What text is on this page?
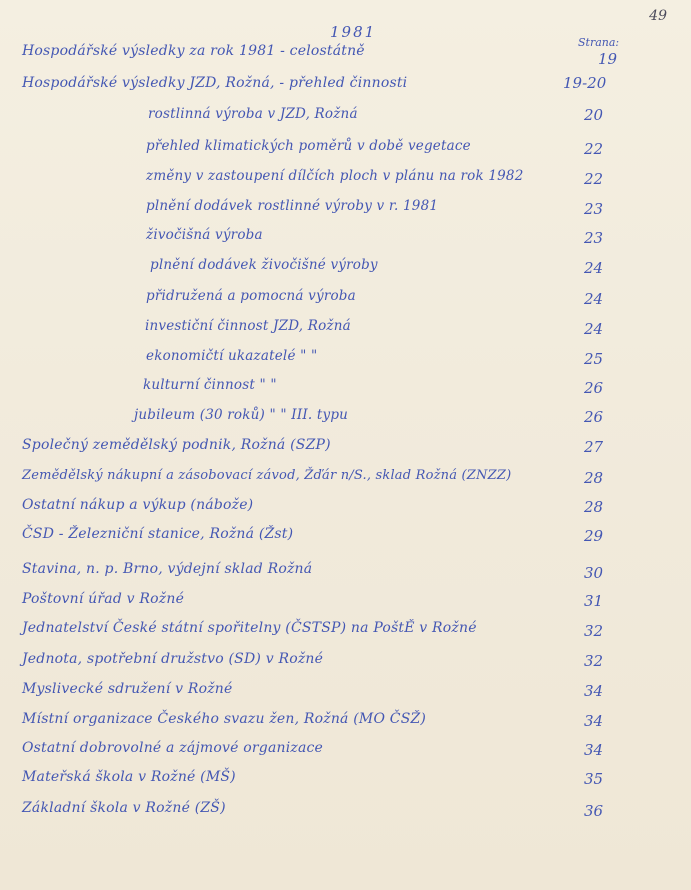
49
1981
Strana:
Hospodářské výsledky za rok 1981 - celostátně	19
Hospodářské výsledky JZD, Rožná, - přehled činnosti	19-20
rostlinná výroba v JZD, Rožná	20
přehled klimatických poměrů v době vegetace	22
změny v zastoupení dílčích ploch v plánu na rok 1982	22
plnění dodávek rostlinné výroby v r. 1981	23
živočišná výroba	23
plnění dodávek živočišné výroby	24
přidružená a pomocná výroba	24
investiční činnost JZD, Rožná	24
ekonomičtí ukazatelé " "	25
kulturní činnost " "	26
jubileum (30 roků) " " III. typu	26
Společný zemědělský podnik, Rožná (SZP)	27
Zemědělský nákupní a zásobovací závod, Žďár n/S., sklad Rožná (ZNZZ)	28
Ostatní nákup a výkup (nábože)	28
ČSD - Železniční stanice, Rožná (Žst)	29
Stavina, n. p. Brno, výdejní sklad Rožná	30
Poštovní úřad v Rožné	31
Jednatelství České státní spořitelny (ČSTSP) na PoštĚ v Rožné	32
Jednota, spotřební družstvo (SD) v Rožné	32
Myslivecké sdružení v Rožné	34
Místní organizace Českého svazu žen, Rožná (MO ČSŽ)	34
Ostatní dobrovolné a zájmové organizace	34
Mateřská škola v Rožné (MŠ)	35
Základní škola v Rožné (ZŠ)	36
